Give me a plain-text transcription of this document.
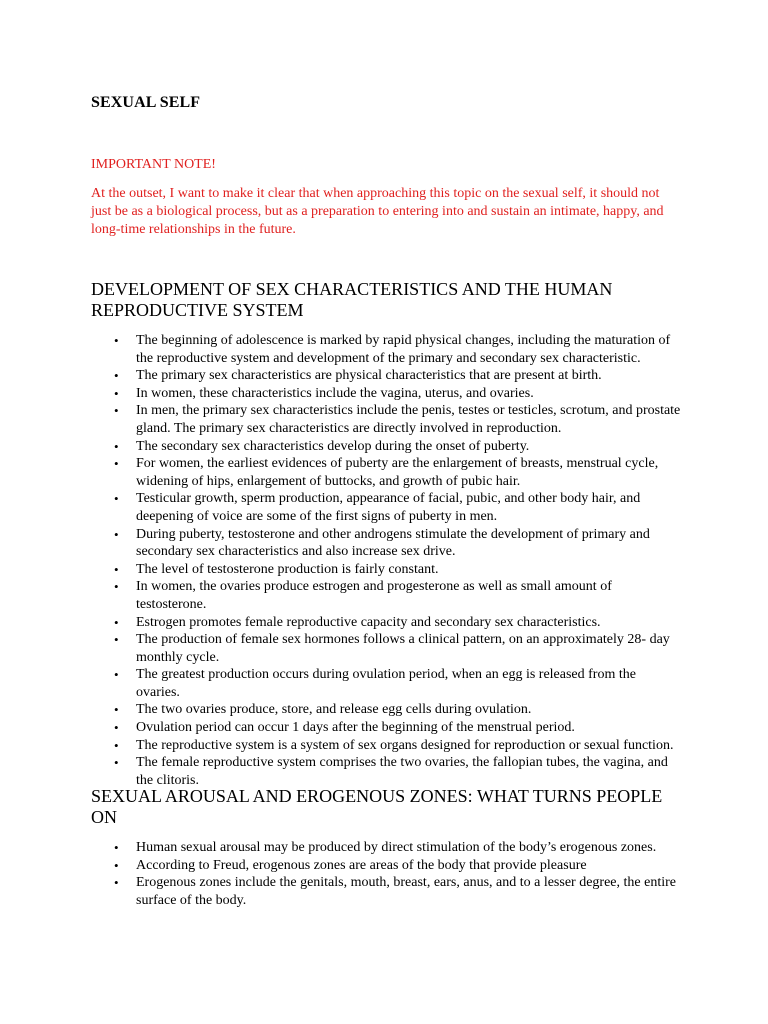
SEXUAL SELF

IMPORTANT NOTE!

At the outset, I want to make it clear that when approaching this topic on the sexual self, it should not just be as a biological process, but as a preparation to entering into and sustain an intimate, happy, and long-time relationships in the future.

DEVELOPMENT OF SEX CHARACTERISTICS AND THE HUMAN REPRODUCTIVE SYSTEM
• The beginning of adolescence is marked by rapid physical changes, including the maturation of the reproductive system and development of the primary and secondary sex characteristic.
• The primary sex characteristics are physical characteristics that are present at birth.
• In women, these characteristics include the vagina, uterus, and ovaries.
• In men, the primary sex characteristics include the penis, testes or testicles, scrotum, and prostate gland. The primary sex characteristics are directly involved in reproduction.
• The secondary sex characteristics develop during the onset of puberty.
• For women, the earliest evidences of puberty are the enlargement of breasts, menstrual cycle, widening of hips, enlargement of buttocks, and growth of pubic hair.
• Testicular growth, sperm production, appearance of facial, pubic, and other body hair, and deepening of voice are some of the first signs of puberty in men.
• During puberty, testosterone and other androgens stimulate the development of primary and secondary sex characteristics and also increase sex drive.
• The level of testosterone production is fairly constant.
• In women, the ovaries produce estrogen and progesterone as well as small amount of testosterone.
• Estrogen promotes female reproductive capacity and secondary sex characteristics.
• The production of female sex hormones follows a clinical pattern, on an approximately 28- day monthly cycle.
• The greatest production occurs during ovulation period, when an egg is released from the ovaries.
• The two ovaries produce, store, and release egg cells during ovulation.
• Ovulation period can occur 1 days after the beginning of the menstrual period.
• The reproductive system is a system of sex organs designed for reproduction or sexual function.
• The female reproductive system comprises the two ovaries, the fallopian tubes, the vagina, and the clitoris.
SEXUAL AROUSAL AND EROGENOUS ZONES: WHAT TURNS PEOPLE ON
• Human sexual arousal may be produced by direct stimulation of the body’s erogenous zones.
• According to Freud, erogenous zones are areas of the body that provide pleasure
• Erogenous zones include the genitals, mouth, breast, ears, anus, and to a lesser degree, the entire surface of the body.
